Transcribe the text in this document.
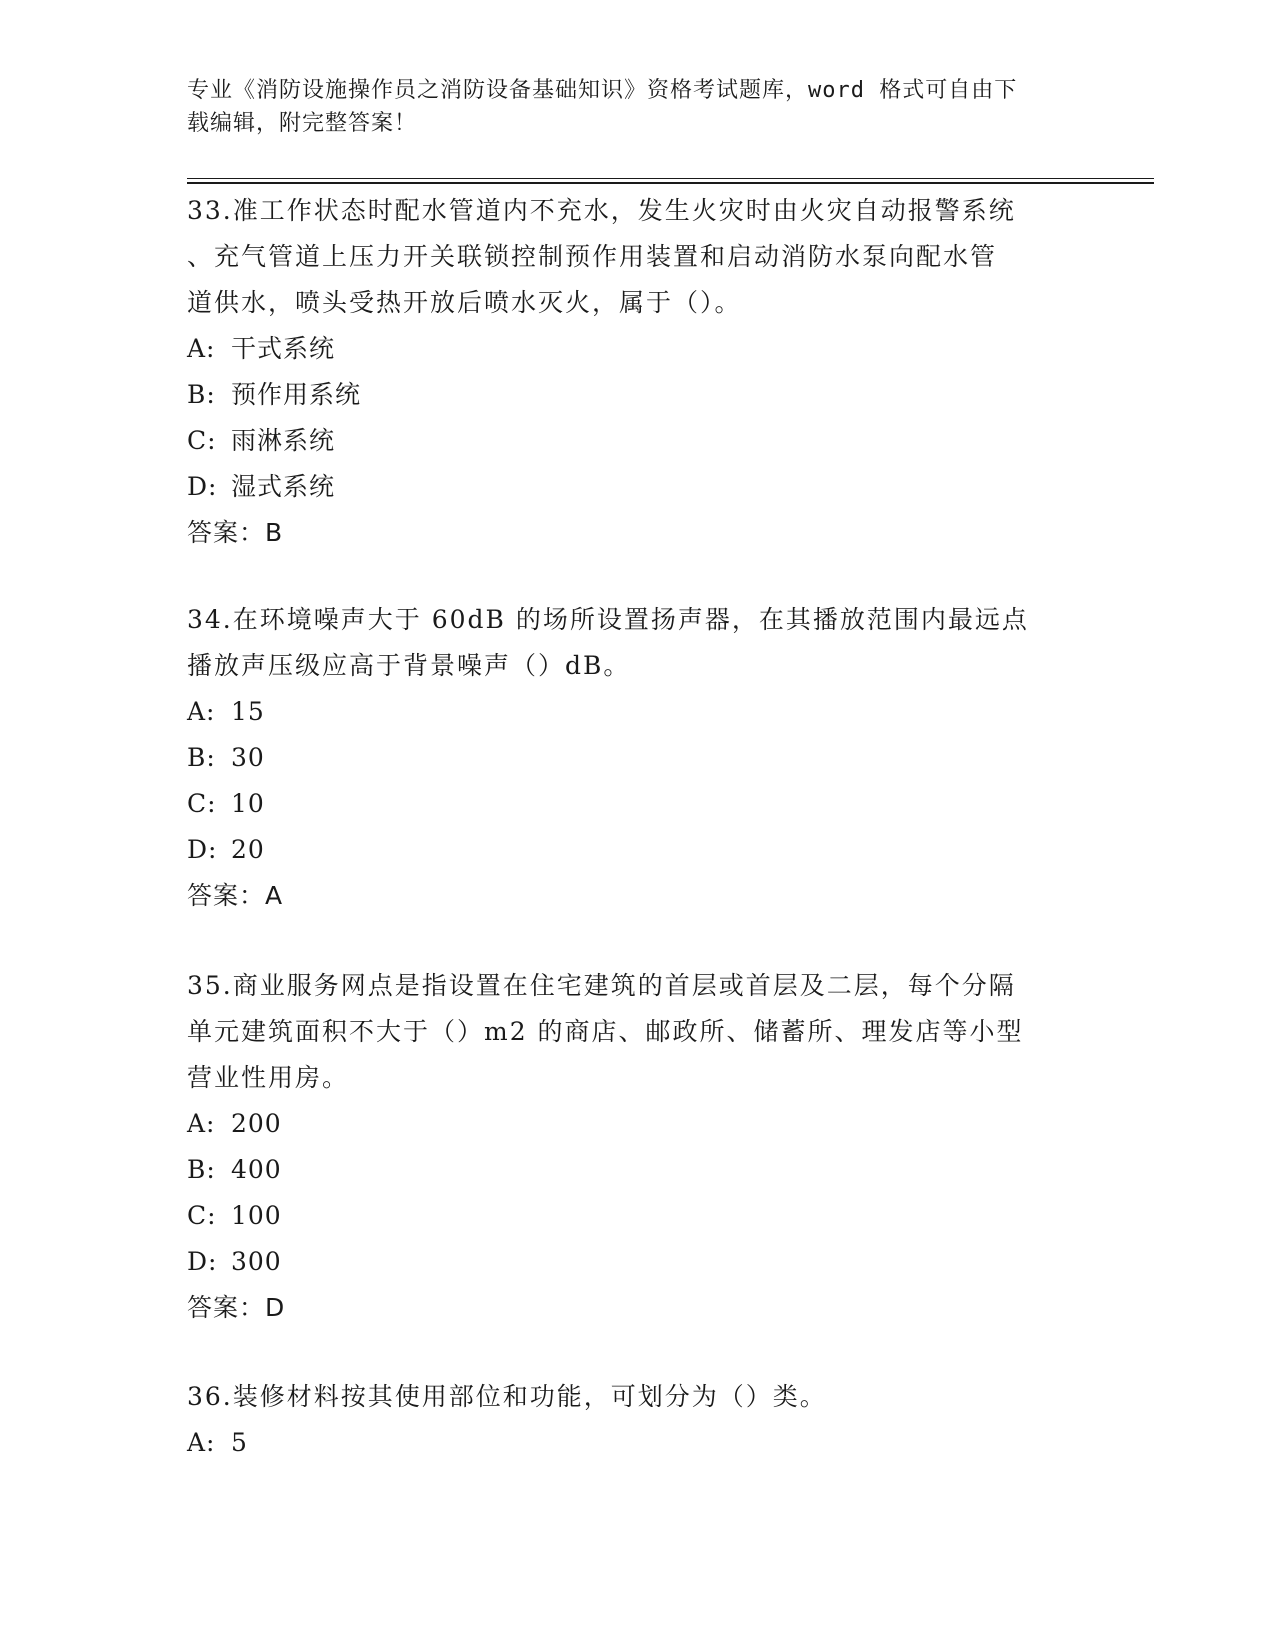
专业《消防设施操作员之消防设备基础知识》资格考试题库，word 格式可自由下
载编辑，附完整答案！

33.准工作状态时配水管道内不充水，发生火灾时由火灾自动报警系统

、充气管道上压力开关联锁控制预作用装置和启动消防水泵向配水管

道供水，喷头受热开放后喷水灭火，属于（）。

A: 干式系统

B: 预作用系统

C: 雨淋系统

D: 湿式系统

答案：B

34.在环境噪声大于 60dB 的场所设置扬声器，在其播放范围内最远点

播放声压级应高于背景噪声（）dB。

A: 15

B: 30

C: 10

D: 20

答案：A

35.商业服务网点是指设置在住宅建筑的首层或首层及二层，每个分隔

单元建筑面积不大于（）m2 的商店、邮政所、储蓄所、理发店等小型

营业性用房。

A: 200

B: 400

C: 100

D: 300

答案：D

36.装修材料按其使用部位和功能，可划分为（）类。

A: 5
